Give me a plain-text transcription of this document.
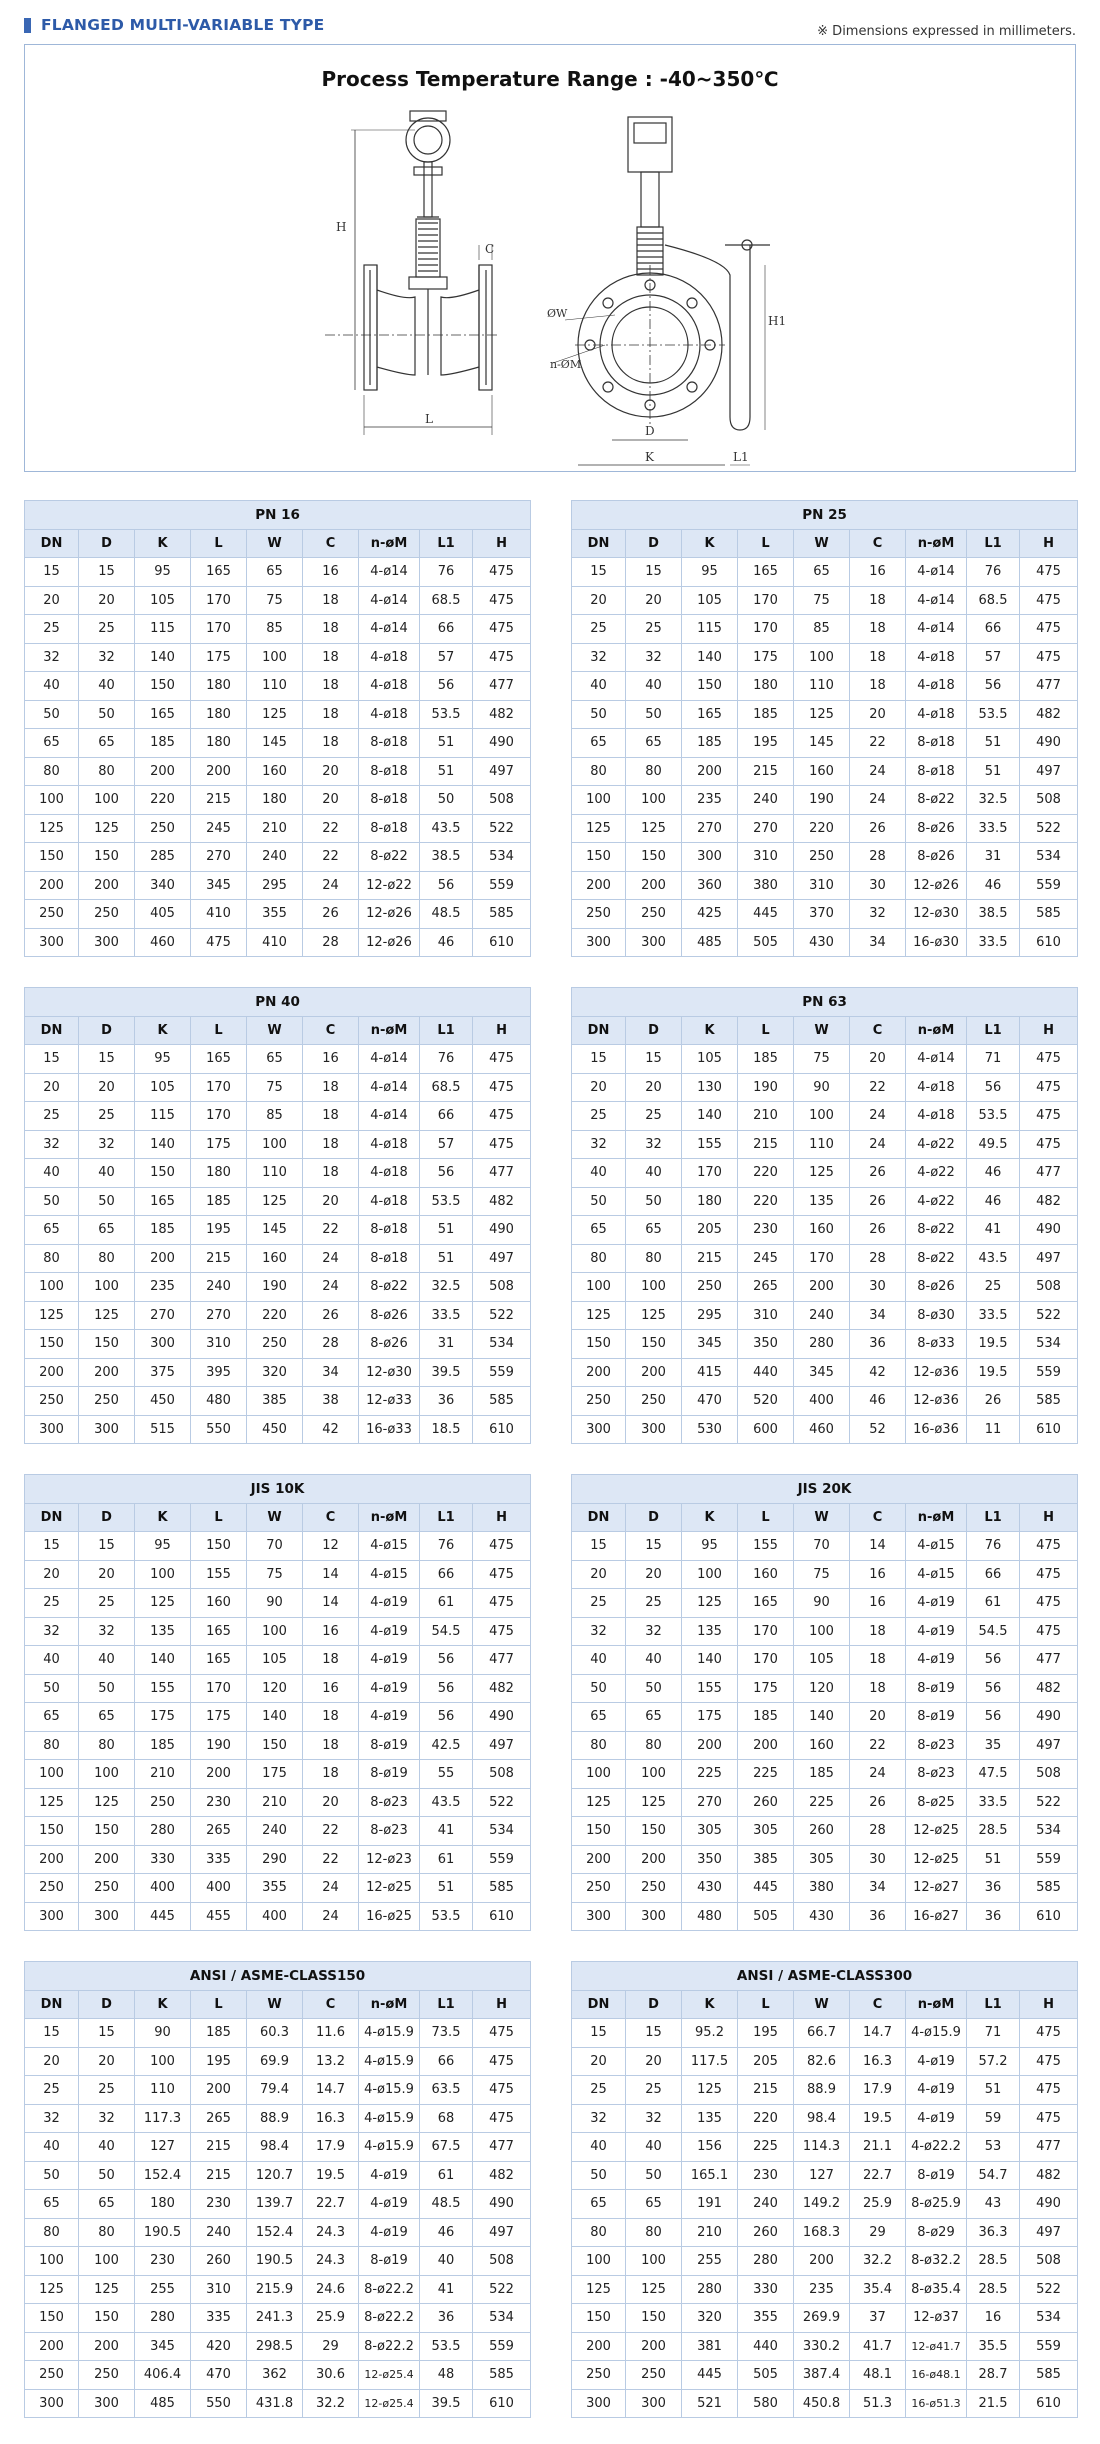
FLANGED MULTI-VARIABLE TYPE	※ Dimensions expressed in millimeters.
Process Temperature Range : -40~350℃
H
C
L
ØW
n-ØM
D
K
H1
L1
PN 16								
DN	D	K	L	W	C	n-øM	L1	H
15	15	95	165	65	16	4-ø14	76	475
20	20	105	170	75	18	4-ø14	68.5	475
25	25	115	170	85	18	4-ø14	66	475
32	32	140	175	100	18	4-ø18	57	475
40	40	150	180	110	18	4-ø18	56	477
50	50	165	180	125	18	4-ø18	53.5	482
65	65	185	180	145	18	8-ø18	51	490
80	80	200	200	160	20	8-ø18	51	497
100	100	220	215	180	20	8-ø18	50	508
125	125	250	245	210	22	8-ø18	43.5	522
150	150	285	270	240	22	8-ø22	38.5	534
200	200	340	345	295	24	12-ø22	56	559
250	250	405	410	355	26	12-ø26	48.5	585
300	300	460	475	410	28	12-ø26	46	610
PN 25								
DN	D	K	L	W	C	n-øM	L1	H
15	15	95	165	65	16	4-ø14	76	475
20	20	105	170	75	18	4-ø14	68.5	475
25	25	115	170	85	18	4-ø14	66	475
32	32	140	175	100	18	4-ø18	57	475
40	40	150	180	110	18	4-ø18	56	477
50	50	165	185	125	20	4-ø18	53.5	482
65	65	185	195	145	22	8-ø18	51	490
80	80	200	215	160	24	8-ø18	51	497
100	100	235	240	190	24	8-ø22	32.5	508
125	125	270	270	220	26	8-ø26	33.5	522
150	150	300	310	250	28	8-ø26	31	534
200	200	360	380	310	30	12-ø26	46	559
250	250	425	445	370	32	12-ø30	38.5	585
300	300	485	505	430	34	16-ø30	33.5	610
PN 40								
DN	D	K	L	W	C	n-øM	L1	H
15	15	95	165	65	16	4-ø14	76	475
20	20	105	170	75	18	4-ø14	68.5	475
25	25	115	170	85	18	4-ø14	66	475
32	32	140	175	100	18	4-ø18	57	475
40	40	150	180	110	18	4-ø18	56	477
50	50	165	185	125	20	4-ø18	53.5	482
65	65	185	195	145	22	8-ø18	51	490
80	80	200	215	160	24	8-ø18	51	497
100	100	235	240	190	24	8-ø22	32.5	508
125	125	270	270	220	26	8-ø26	33.5	522
150	150	300	310	250	28	8-ø26	31	534
200	200	375	395	320	34	12-ø30	39.5	559
250	250	450	480	385	38	12-ø33	36	585
300	300	515	550	450	42	16-ø33	18.5	610
PN 63								
DN	D	K	L	W	C	n-øM	L1	H
15	15	105	185	75	20	4-ø14	71	475
20	20	130	190	90	22	4-ø18	56	475
25	25	140	210	100	24	4-ø18	53.5	475
32	32	155	215	110	24	4-ø22	49.5	475
40	40	170	220	125	26	4-ø22	46	477
50	50	180	220	135	26	4-ø22	46	482
65	65	205	230	160	26	8-ø22	41	490
80	80	215	245	170	28	8-ø22	43.5	497
100	100	250	265	200	30	8-ø26	25	508
125	125	295	310	240	34	8-ø30	33.5	522
150	150	345	350	280	36	8-ø33	19.5	534
200	200	415	440	345	42	12-ø36	19.5	559
250	250	470	520	400	46	12-ø36	26	585
300	300	530	600	460	52	16-ø36	11	610
JIS 10K								
DN	D	K	L	W	C	n-øM	L1	H
15	15	95	150	70	12	4-ø15	76	475
20	20	100	155	75	14	4-ø15	66	475
25	25	125	160	90	14	4-ø19	61	475
32	32	135	165	100	16	4-ø19	54.5	475
40	40	140	165	105	18	4-ø19	56	477
50	50	155	170	120	16	4-ø19	56	482
65	65	175	175	140	18	4-ø19	56	490
80	80	185	190	150	18	8-ø19	42.5	497
100	100	210	200	175	18	8-ø19	55	508
125	125	250	230	210	20	8-ø23	43.5	522
150	150	280	265	240	22	8-ø23	41	534
200	200	330	335	290	22	12-ø23	61	559
250	250	400	400	355	24	12-ø25	51	585
300	300	445	455	400	24	16-ø25	53.5	610
JIS 20K								
DN	D	K	L	W	C	n-øM	L1	H
15	15	95	155	70	14	4-ø15	76	475
20	20	100	160	75	16	4-ø15	66	475
25	25	125	165	90	16	4-ø19	61	475
32	32	135	170	100	18	4-ø19	54.5	475
40	40	140	170	105	18	4-ø19	56	477
50	50	155	175	120	18	8-ø19	56	482
65	65	175	185	140	20	8-ø19	56	490
80	80	200	200	160	22	8-ø23	35	497
100	100	225	225	185	24	8-ø23	47.5	508
125	125	270	260	225	26	8-ø25	33.5	522
150	150	305	305	260	28	12-ø25	28.5	534
200	200	350	385	305	30	12-ø25	51	559
250	250	430	445	380	34	12-ø27	36	585
300	300	480	505	430	36	16-ø27	36	610
ANSI / ASME-CLASS150								
DN	D	K	L	W	C	n-øM	L1	H
15	15	90	185	60.3	11.6	4-ø15.9	73.5	475
20	20	100	195	69.9	13.2	4-ø15.9	66	475
25	25	110	200	79.4	14.7	4-ø15.9	63.5	475
32	32	117.3	265	88.9	16.3	4-ø15.9	68	475
40	40	127	215	98.4	17.9	4-ø15.9	67.5	477
50	50	152.4	215	120.7	19.5	4-ø19	61	482
65	65	180	230	139.7	22.7	4-ø19	48.5	490
80	80	190.5	240	152.4	24.3	4-ø19	46	497
100	100	230	260	190.5	24.3	8-ø19	40	508
125	125	255	310	215.9	24.6	8-ø22.2	41	522
150	150	280	335	241.3	25.9	8-ø22.2	36	534
200	200	345	420	298.5	29	8-ø22.2	53.5	559
250	250	406.4	470	362	30.6	12-ø25.4	48	585
300	300	485	550	431.8	32.2	12-ø25.4	39.5	610
ANSI / ASME-CLASS300								
DN	D	K	L	W	C	n-øM	L1	H
15	15	95.2	195	66.7	14.7	4-ø15.9	71	475
20	20	117.5	205	82.6	16.3	4-ø19	57.2	475
25	25	125	215	88.9	17.9	4-ø19	51	475
32	32	135	220	98.4	19.5	4-ø19	59	475
40	40	156	225	114.3	21.1	4-ø22.2	53	477
50	50	165.1	230	127	22.7	8-ø19	54.7	482
65	65	191	240	149.2	25.9	8-ø25.9	43	490
80	80	210	260	168.3	29	8-ø29	36.3	497
100	100	255	280	200	32.2	8-ø32.2	28.5	508
125	125	280	330	235	35.4	8-ø35.4	28.5	522
150	150	320	355	269.9	37	12-ø37	16	534
200	200	381	440	330.2	41.7	12-ø41.7	35.5	559
250	250	445	505	387.4	48.1	16-ø48.1	28.7	585
300	300	521	580	450.8	51.3	16-ø51.3	21.5	610
